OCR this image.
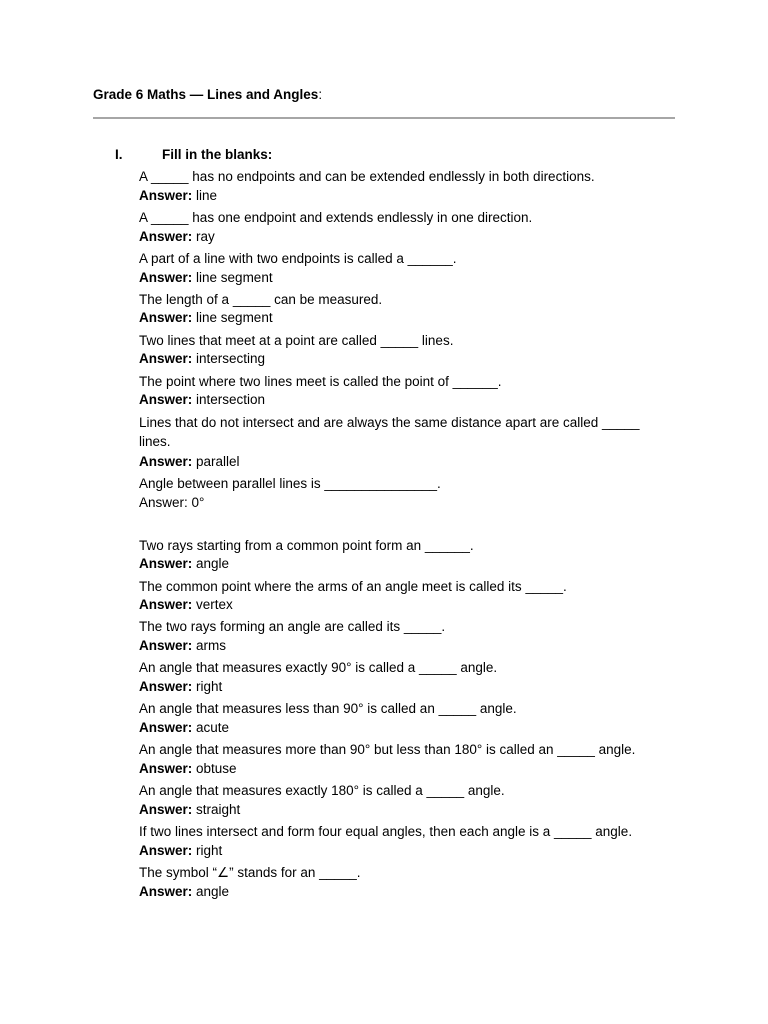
Grade 6 Maths — Lines and Angles:
I.	Fill in the blanks:
A _____ has no endpoints and can be extended endlessly in both directions.
Answer: line
A _____ has one endpoint and extends endlessly in one direction.
Answer: ray
A part of a line with two endpoints is called a ______.
Answer: line segment
The length of a _____ can be measured.
Answer: line segment
Two lines that meet at a point are called _____ lines.
Answer: intersecting
The point where two lines meet is called the point of ______.
Answer: intersection
Lines that do not intersect and are always the same distance apart are called _____
lines.
Answer: parallel
Angle between parallel lines is _______________.
Answer: 0°
Two rays starting from a common point form an ______.
Answer: angle
The common point where the arms of an angle meet is called its _____.
Answer: vertex
The two rays forming an angle are called its _____.
Answer: arms
An angle that measures exactly 90° is called a _____ angle.
Answer: right
An angle that measures less than 90° is called an _____ angle.
Answer: acute
An angle that measures more than 90° but less than 180° is called an _____ angle.
Answer: obtuse
An angle that measures exactly 180° is called a _____ angle.
Answer: straight
If two lines intersect and form four equal angles, then each angle is a _____ angle.
Answer: right
The symbol “∠” stands for an _____.
Answer: angle
